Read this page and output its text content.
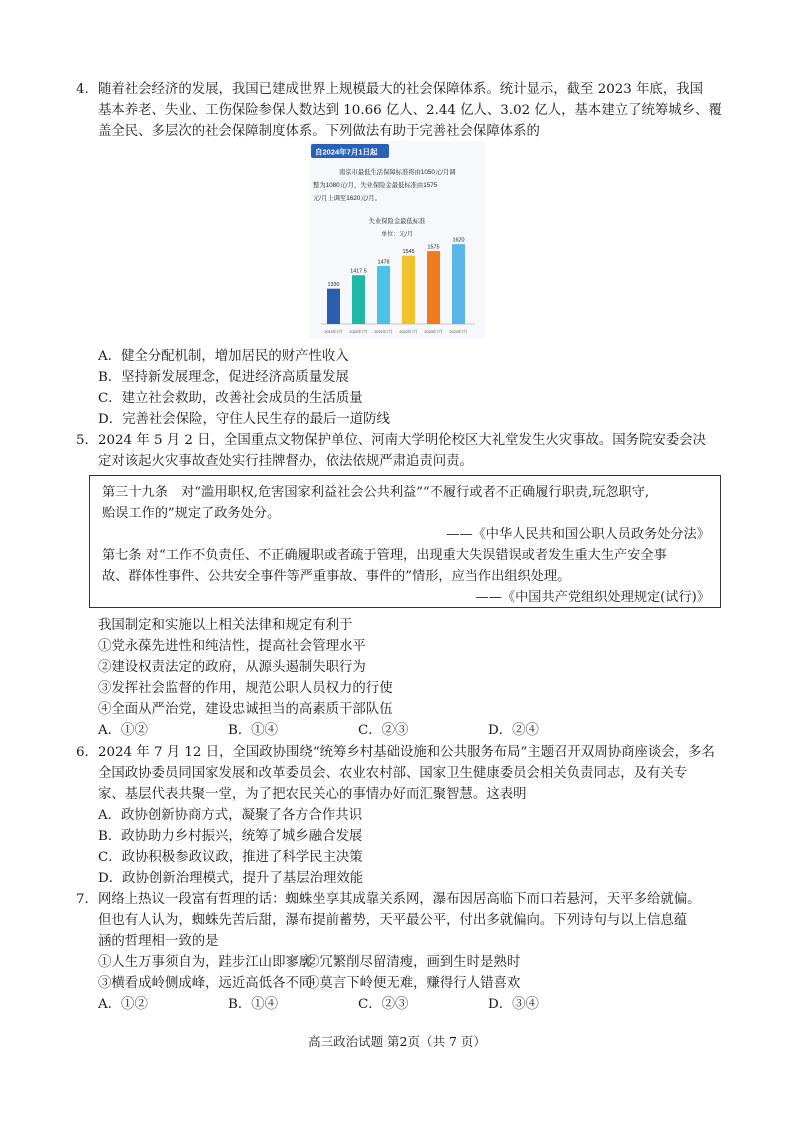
4. 随着社会经济的发展，我国已建成世界上规模最大的社会保障体系。统计显示，截至 2023 年底，我国
基本养老、失业、工伤保险参保人数达到 10.66 亿人、2.44 亿人、3.02 亿人，基本建立了统筹城乡、覆
盖全民、多层次的社会保障制度体系。下列做法有助于完善社会保障体系的
自2024年7月1日起
南京市最低生活保障标准将由1050元/月调
整为1080元/月，失业保险金最低标准由1575
元/月上调至1620元/月。
失业保险金最低标准
单位：元/月
1330
2019年7月
1417.5
2020年7月
1478
2021年7月
1545
2022年7月
1575
2023年7月
1620
2024年7月
A．健全分配机制，增加居民的财产性收入
B．坚持新发展理念，促进经济高质量发展
C．建立社会救助，改善社会成员的生活质量
D．完善社会保险，守住人民生存的最后一道防线
5. 2024 年 5 月 2 日，全国重点文物保护单位、河南大学明伦校区大礼堂发生火灾事故。国务院安委会决
定对该起火灾事故查处实行挂牌督办，依法依规严肃追责问责。
第三十九条　对“滥用职权,危害国家利益社会公共利益”“不履行或者不正确履行职责,玩忽职守,
贻误工作的”规定了政务处分。
——《中华人民共和国公职人员政务处分法》
第七条 对“工作不负责任、不正确履职或者疏于管理，出现重大失误错误或者发生重大生产安全事
故、群体性事件、公共安全事件等严重事故、事件的”情形，应当作出组织处理。
——《中国共产党组织处理规定(试行)》
我国制定和实施以上相关法律和规定有利于
①党永葆先进性和纯洁性，提高社会管理水平
②建设权责法定的政府，从源头遏制失职行为
③发挥社会监督的作用，规范公职人员权力的行使
④全面从严治党，建设忠诚担当的高素质干部队伍
A．①②	B．①④	C．②③	D．②④
6. 2024 年 7 月 12 日，全国政协围绕“统筹乡村基础设施和公共服务布局”主题召开双周协商座谈会，多名
全国政协委员同国家发展和改革委员会、农业农村部、国家卫生健康委员会相关负责同志，及有关专
家、基层代表共聚一堂，为了把农民关心的事情办好而汇聚智慧。这表明
A．政协创新协商方式，凝聚了各方合作共识
B．政协助力乡村振兴，统筹了城乡融合发展
C．政协积极参政议政，推进了科学民主决策
D．政协创新治理模式，提升了基层治理效能
7. 网络上热议一段富有哲理的话：蜘蛛坐享其成靠关系网，瀑布因居高临下而口若悬河，天平多给就偏。
但也有人认为，蜘蛛先苦后甜，瀑布提前蓄势，天平最公平，付出多就偏向。下列诗句与以上信息蕴
涵的哲理相一致的是
①人生万事须自为，跬步江山即寥廓
②冗繁削尽留清瘦，画到生时是熟时
③横看成岭侧成峰，远近高低各不同
④莫言下岭便无难，赚得行人错喜欢
A．①②	B．①④	C．②③	D．③④
高三政治试题 第2页（共 7 页）
